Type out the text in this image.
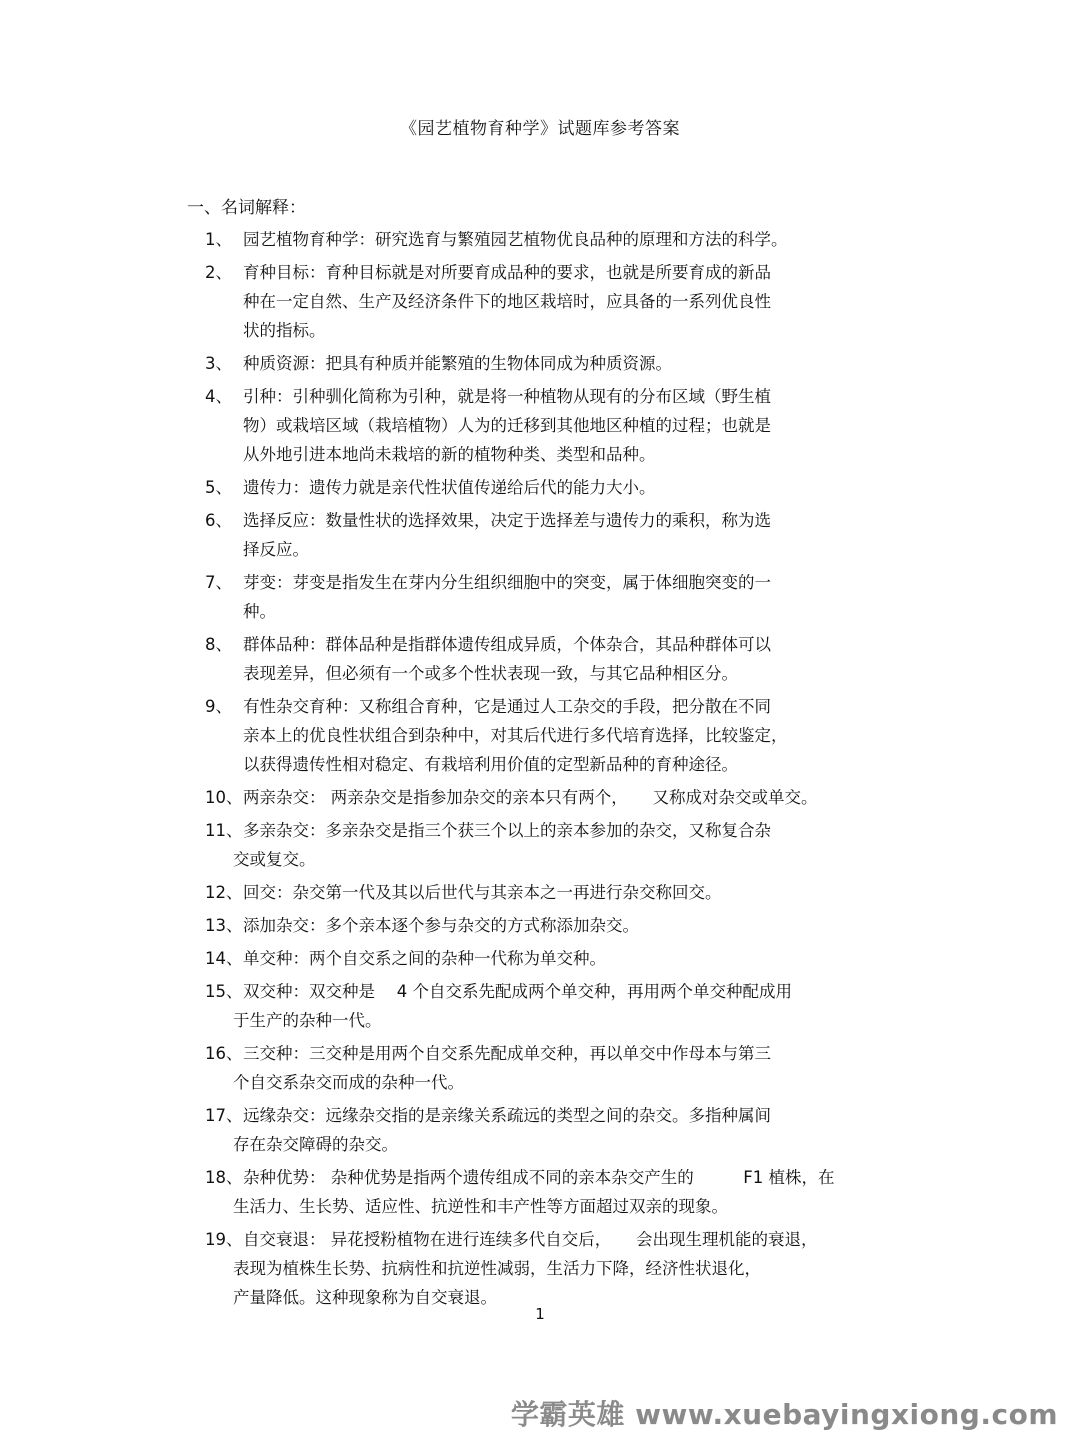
《园艺植物育种学》试题库参考答案
一、名词解释：
1、 园艺植物育种学：研究选育与繁殖园艺植物优良品种的原理和方法的科学。
2、 育种目标：育种目标就是对所要育成品种的要求，也就是所要育成的新品
种在一定自然、生产及经济条件下的地区栽培时，应具备的一系列优良性
状的指标。
3、 种质资源：把具有种质并能繁殖的生物体同成为种质资源。
4、 引种：引种驯化简称为引种，就是将一种植物从现有的分布区域（野生植
物）或栽培区域（栽培植物）人为的迁移到其他地区种植的过程；也就是
从外地引进本地尚未栽培的新的植物种类、类型和品种。
5、 遗传力：遗传力就是亲代性状值传递给后代的能力大小。
6、 选择反应：数量性状的选择效果，决定于选择差与遗传力的乘积，称为选
择反应。
7、 芽变：芽变是指发生在芽内分生组织细胞中的突变，属于体细胞突变的一
种。
8、 群体品种：群体品种是指群体遗传组成异质，个体杂合，其品种群体可以
表现差异，但必须有一个或多个性状表现一致，与其它品种相区分。
9、 有性杂交育种：又称组合育种，它是通过人工杂交的手段，把分散在不同
亲本上的优良性状组合到杂种中，对其后代进行多代培育选择，比较鉴定，
以获得遗传性相对稳定、有栽培利用价值的定型新品种的育种途径。
10、 两亲杂交： 两亲杂交是指参加杂交的亲本只有两个，　　又称成对杂交或单交。
11、 多亲杂交：多亲杂交是指三个获三个以上的亲本参加的杂交，又称复合杂
交或复交。
12、 回交：杂交第一代及其以后世代与其亲本之一再进行杂交称回交。
13、 添加杂交：多个亲本逐个参与杂交的方式称添加杂交。
14、 单交种：两个自交系之间的杂种一代称为单交种。
15、 双交种：双交种是　 4 个自交系先配成两个单交种，再用两个单交种配成用
于生产的杂种一代。
16、 三交种：三交种是用两个自交系先配成单交种，再以单交中作母本与第三
个自交系杂交而成的杂种一代。
17、 远缘杂交：远缘杂交指的是亲缘关系疏远的类型之间的杂交。多指种属间
存在杂交障碍的杂交。
18、 杂种优势： 杂种优势是指两个遗传组成不同的亲本杂交产生的　　　F1 植株，在
生活力、生长势、适应性、抗逆性和丰产性等方面超过双亲的现象。
19、 自交衰退： 异花授粉植物在进行连续多代自交后，　　会出现生理机能的衰退，
表现为植株生长势、抗病性和抗逆性减弱，生活力下降，经济性状退化，
产量降低。这种现象称为自交衰退。
1
学霸英雄 www.xuebayingxiong.com
